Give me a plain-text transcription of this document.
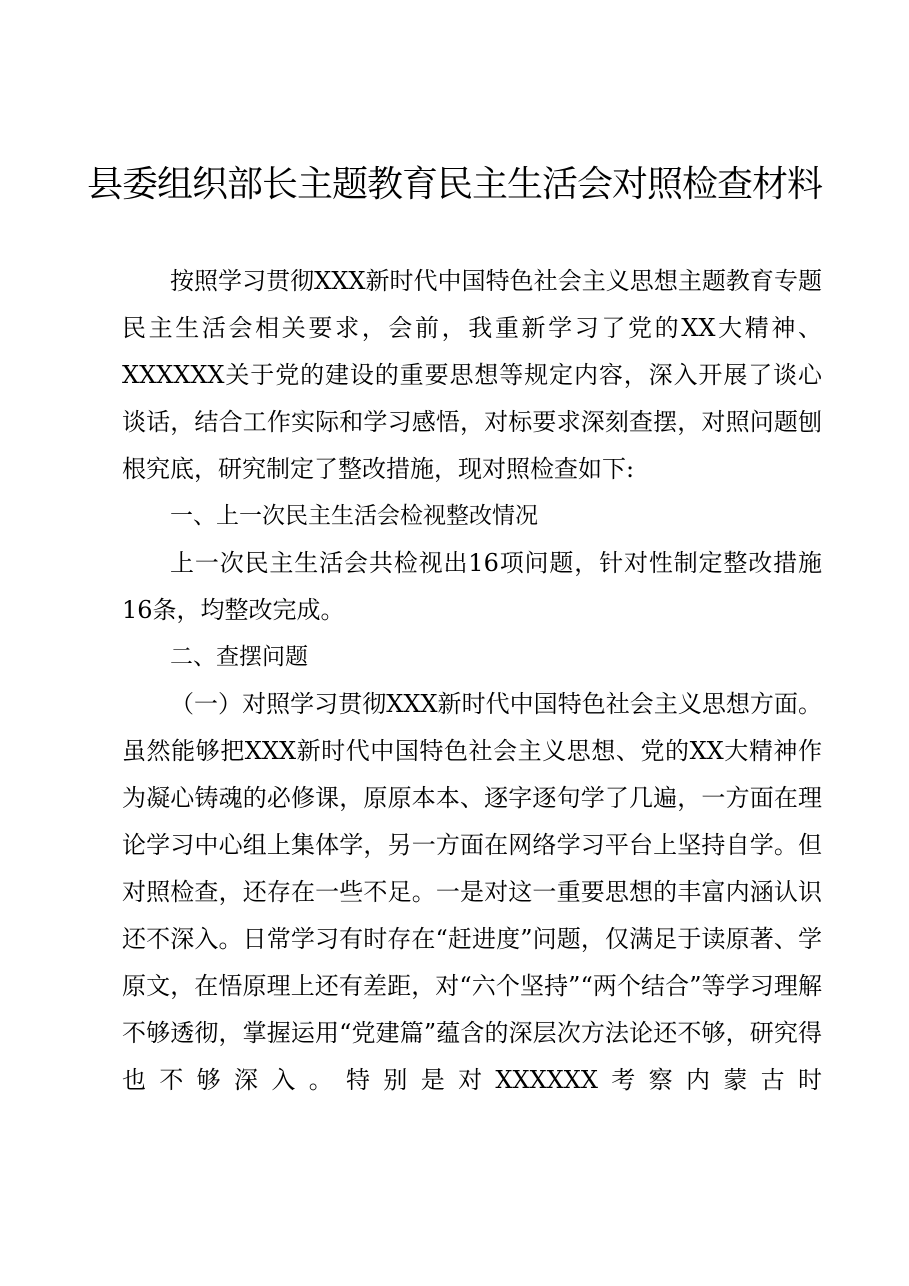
县委组织部长主题教育民主生活会对照检查材料

按照学习贯彻XXX新时代中国特色社会主义思想主题教育专题民主生活会相关要求，会前，我重新学习了党的XX大精神、XXXXXX关于党的建设的重要思想等规定内容，深入开展了谈心谈话，结合工作实际和学习感悟，对标要求深刻查摆，对照问题刨根究底，研究制定了整改措施，现对照检查如下:

一、上一次民主生活会检视整改情况

上一次民主生活会共检视出16项问题，针对性制定整改措施16条，均整改完成。

二、查摆问题

（一）对照学习贯彻XXX新时代中国特色社会主义思想方面。虽然能够把XXX新时代中国特色社会主义思想、党的XX大精神作为凝心铸魂的必修课，原原本本、逐字逐句学了几遍，一方面在理论学习中心组上集体学，另一方面在网络学习平台上坚持自学。但对照检查，还存在一些不足。一是对这一重要思想的丰富内涵认识还不深入。日常学习有时存在“赶进度”问题，仅满足于读原著、学原文，在悟原理上还有差距，对“六个坚持”“两个结合”等学习理解不够透彻，掌握运用“党建篇”蕴含的深层次方法论还不够，研究得也不够深入。特别是对XXXXXX考察内蒙古时
